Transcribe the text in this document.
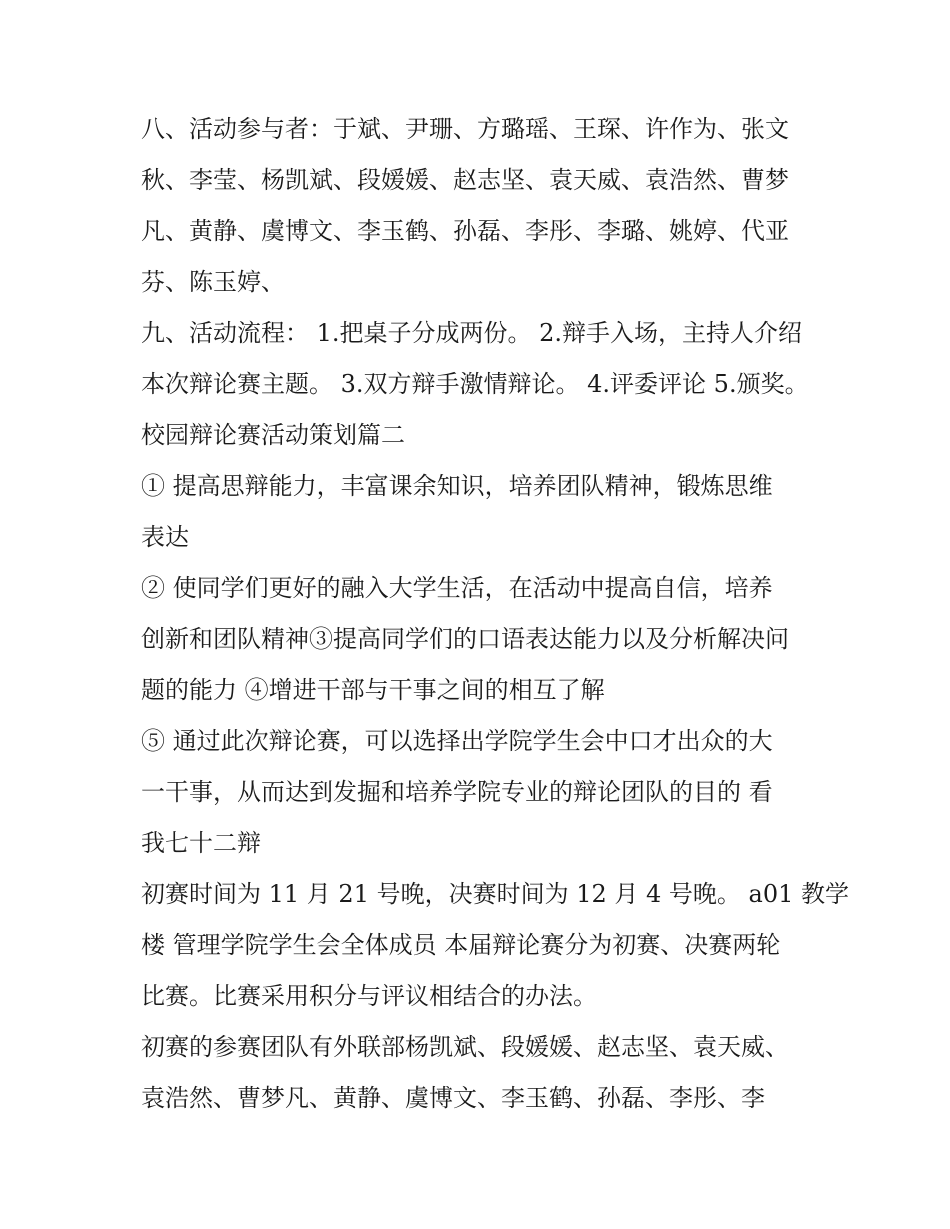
八、活动参与者：于斌、尹珊、方璐瑶、王琛、许作为、张文
秋、李莹、杨凯斌、段媛媛、赵志坚、袁天威、袁浩然、曹梦
凡、黄静、虞博文、李玉鹤、孙磊、李彤、李璐、姚婷、代亚
芬、陈玉婷、
九、活动流程： 1.把桌子分成两份。 2.辩手入场，主持人介绍
本次辩论赛主题。 3.双方辩手激情辩论。 4.评委评论 5.颁奖。
校园辩论赛活动策划篇二
① 提高思辩能力，丰富课余知识，培养团队精神，锻炼思维
表达
② 使同学们更好的融入大学生活，在活动中提高自信，培养
创新和团队精神③提高同学们的口语表达能力以及分析解决问
题的能力 ④增进干部与干事之间的相互了解
⑤ 通过此次辩论赛，可以选择出学院学生会中口才出众的大
一干事，从而达到发掘和培养学院专业的辩论团队的目的 看
我七十二辩
初赛时间为 11 月 21 号晚，决赛时间为 12 月 4 号晚。 a01 教学
楼 管理学院学生会全体成员 本届辩论赛分为初赛、决赛两轮
比赛。比赛采用积分与评议相结合的办法。
初赛的参赛团队有外联部杨凯斌、段媛媛、赵志坚、袁天威、
袁浩然、曹梦凡、黄静、虞博文、李玉鹤、孙磊、李彤、李
